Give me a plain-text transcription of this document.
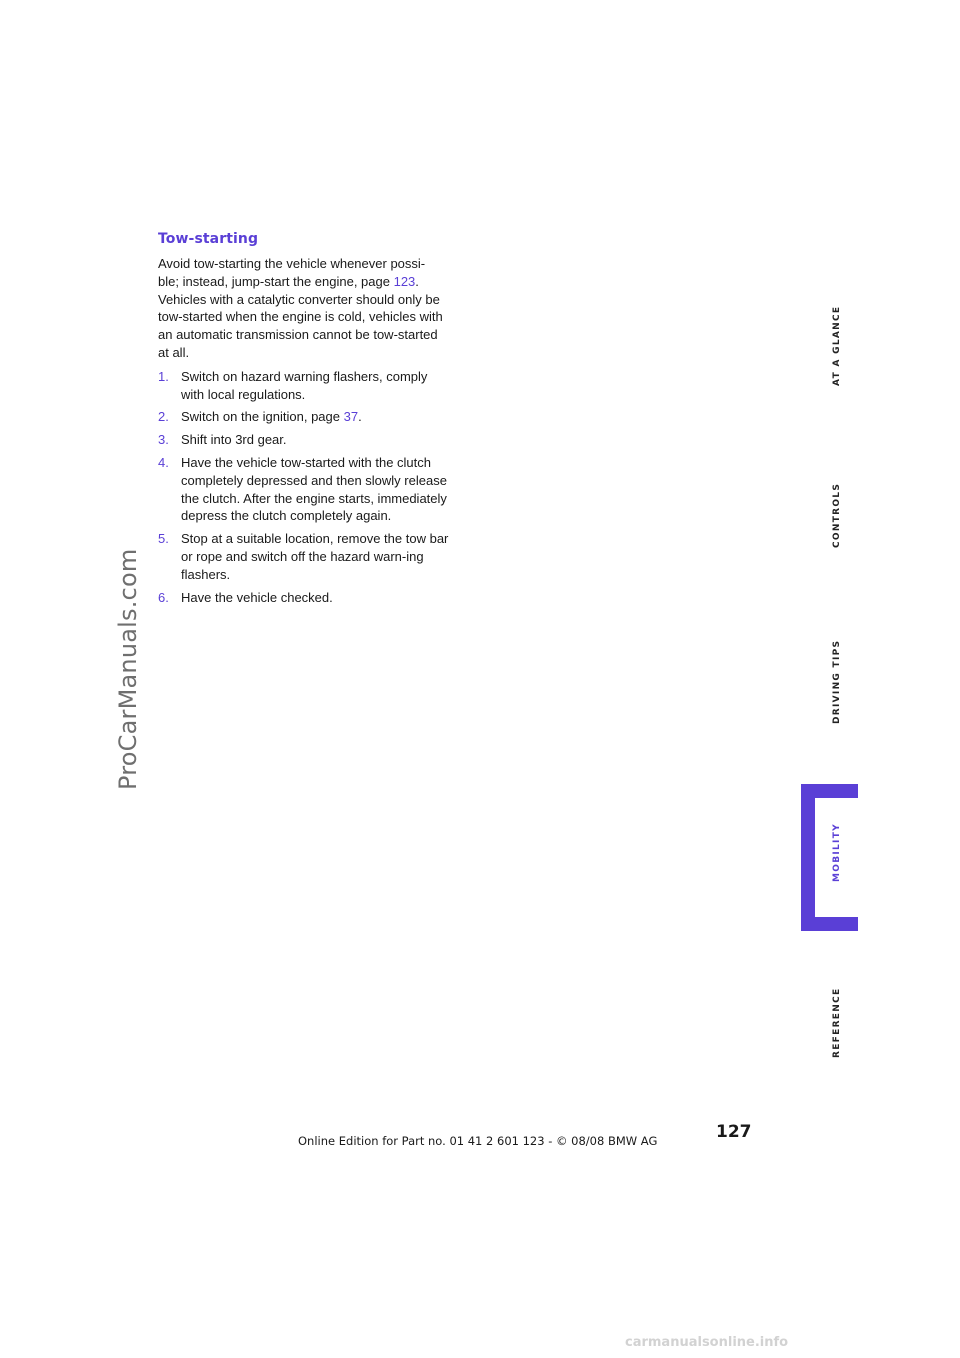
ProCarManuals.com
Tow-starting

Avoid tow-starting the vehicle whenever possi-
ble; instead, jump-start the engine, page 123. Vehicles with a catalytic converter should only be tow-started when the engine is cold, vehicles with an automatic transmission cannot be tow-started at all.

1. Switch on hazard warning flashers, comply with local regulations.
2. Switch on the ignition, page 37.
3. Shift into 3rd gear.
4. Have the vehicle tow-started with the clutch completely depressed and then slowly release the clutch. After the engine starts, immediately depress the clutch completely again.
5. Stop at a suitable location, remove the tow bar or rope and switch off the hazard warn-ing flashers.
6. Have the vehicle checked.
AT A GLANCE
CONTROLS
DRIVING TIPS
MOBILITY
REFERENCE
127
Online Edition for Part no. 01 41 2 601 123 - © 08/08 BMW AG
carmanualsonline.info
